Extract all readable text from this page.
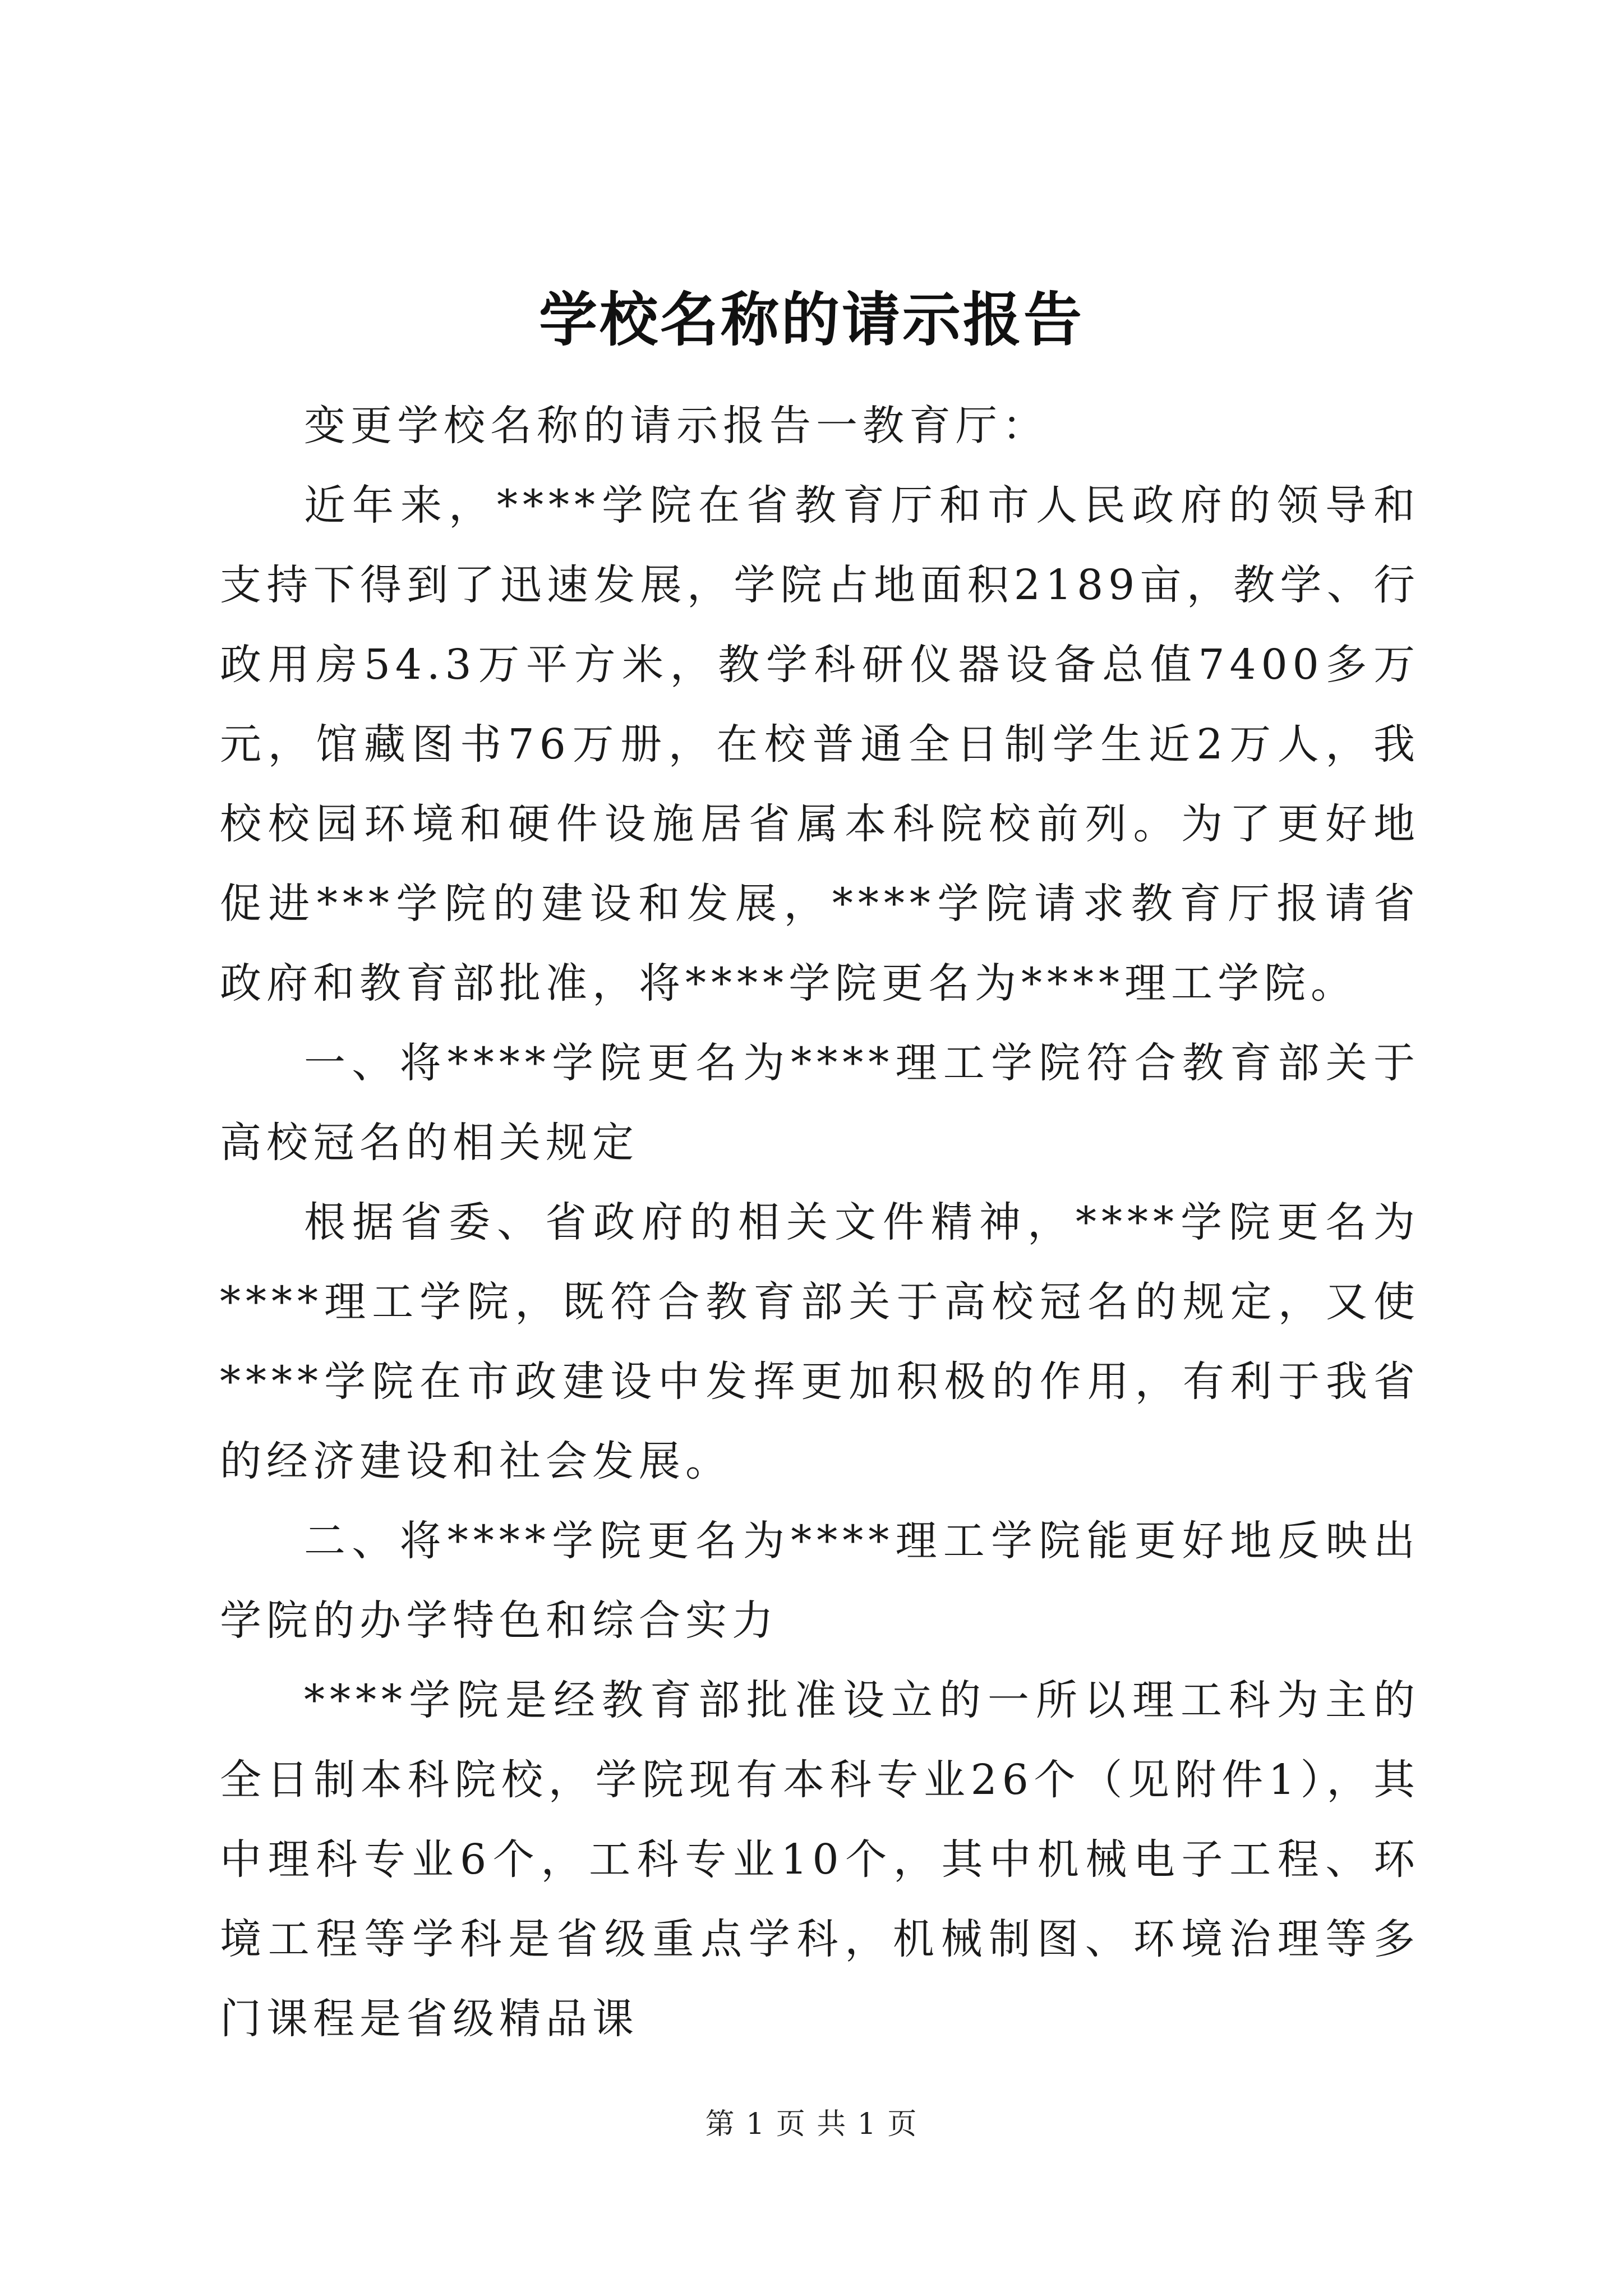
学校名称的请示报告

变更学校名称的请示报告一教育厅：

近年来，****学院在省教育厅和市人民政府的领导和支持下得到了迅速发展，学院占地面积2189亩，教学、行政用房54.3万平方米，教学科研仪器设备总值7400多万元，馆藏图书76万册，在校普通全日制学生近2万人，我校校园环境和硬件设施居省属本科院校前列。为了更好地促进***学院的建设和发展，****学院请求教育厅报请省政府和教育部批准，将****学院更名为****理工学院。

一、将****学院更名为****理工学院符合教育部关于高校冠名的相关规定

根据省委、省政府的相关文件精神，****学院更名为****理工学院，既符合教育部关于高校冠名的规定，又使****学院在市政建设中发挥更加积极的作用，有利于我省的经济建设和社会发展。

二、将****学院更名为****理工学院能更好地反映出学院的办学特色和综合实力

****学院是经教育部批准设立的一所以理工科为主的全日制本科院校，学院现有本科专业26个（见附件1），其中理科专业6个，工科专业10个，其中机械电子工程、环境工程等学科是省级重点学科，机械制图、环境治理等多门课程是省级精品课

第 1 页 共 1 页
